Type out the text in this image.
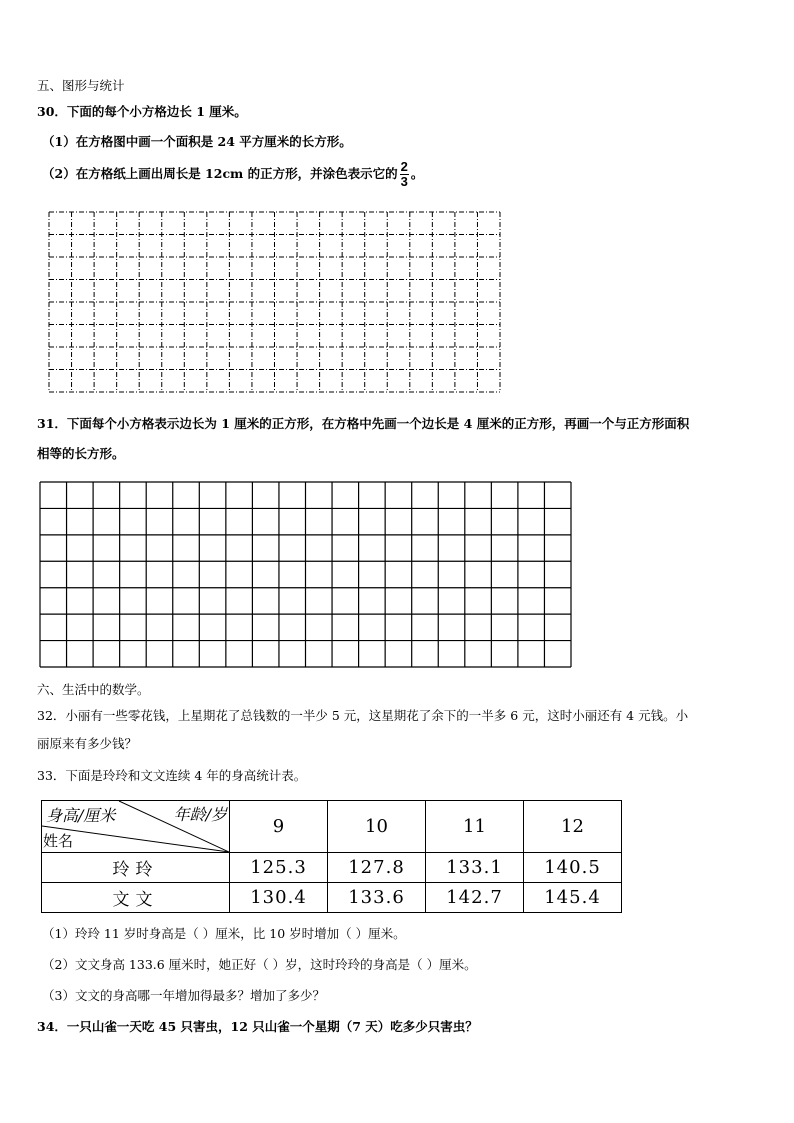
五、图形与统计
30．下面的每个小方格边长 1 厘米。
（1）在方格图中画一个面积是 24 平方厘米的长方形。
（2）在方格纸上画出周长是 12cm 的正方形，并涂色表示它的 $\frac{2}{3}$ 。
31．下面每个小方格表示边长为 1 厘米的正方形，在方格中先画一个边长是 4 厘米的正方形，再画一个与正方形面积
相等的长方形。
六、生活中的数学。
32．小丽有一些零花钱，上星期花了总钱数的一半少 5 元，这星期花了余下的一半多 6 元，这时小丽还有 4 元钱。小
丽原来有多少钱？
33．下面是玲玲和文文连续 4 年的身高统计表。
身高/厘米 年龄/岁
姓名	9	10	11	12
玲玲	125.3	127.8	133.1	140.5
文文	130.4	133.6	142.7	145.4
（1）玲玲 11 岁时身高是（ ）厘米，比 10 岁时增加（ ）厘米。
（2）文文身高 133.6 厘米时，她正好（ ）岁，这时玲玲的身高是（ ）厘米。
（3）文文的身高哪一年增加得最多？增加了多少？
34．一只山雀一天吃 45 只害虫，12 只山雀一个星期（7 天）吃多少只害虫？
